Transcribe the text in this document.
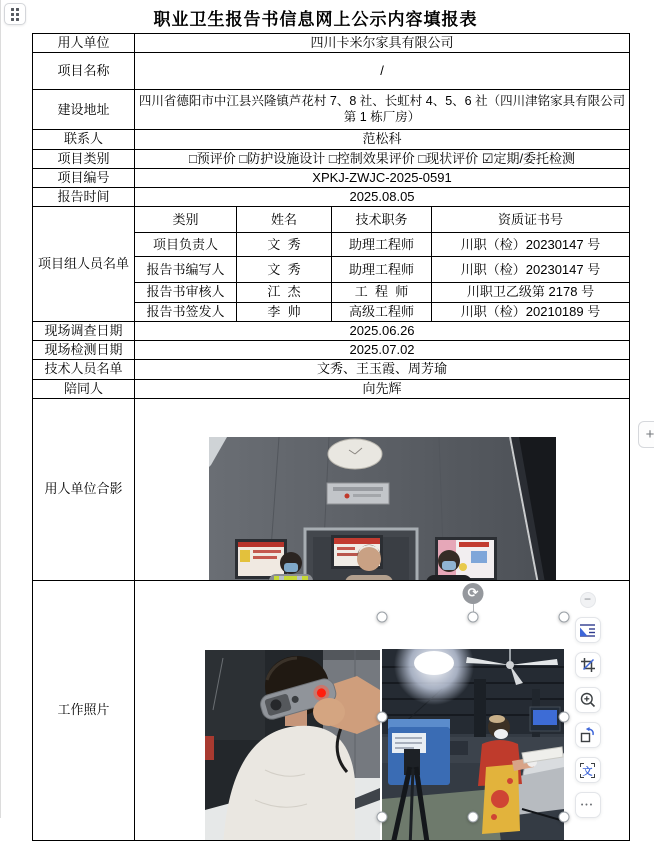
职业卫生报告书信息网上公示内容填报表
用人单位	四川卡米尔家具有限公司			
项目名称	/			
建设地址	四川省德阳市中江县兴隆镇芦花村 7、8 社、长虹村 4、5、6 社（四川津铭家具有限公司第 1 栋厂房）			
联系人	范松科			
项目类别	□预评价 □防护设施设计 □控制效果评价 □现状评价 ☑定期/委托检测			
项目编号	XPKJ-ZWJC-2025-0591			
报告时间	2025.08.05			
项目组人员名单	类别	姓名	技术职务	资质证书号
	项目负责人	文  秀	助理工程师	川职（检）20230147 号
	报告书编写人	文  秀	助理工程师	川职（检）20230147 号
	报告书审核人	江  杰	工  程  师	川职卫乙级第 2178 号
	报告书签发人	李  帅	高级工程师	川职（检）20210189 号
现场调查日期	2025.06.26			
现场检测日期	2025.07.02			
技术人员名单	文秀、王玉霞、周芳瑜			
陪同人	向先辉			
用人单位合影	

工作照片	⟳			

	−
文
•••
+
